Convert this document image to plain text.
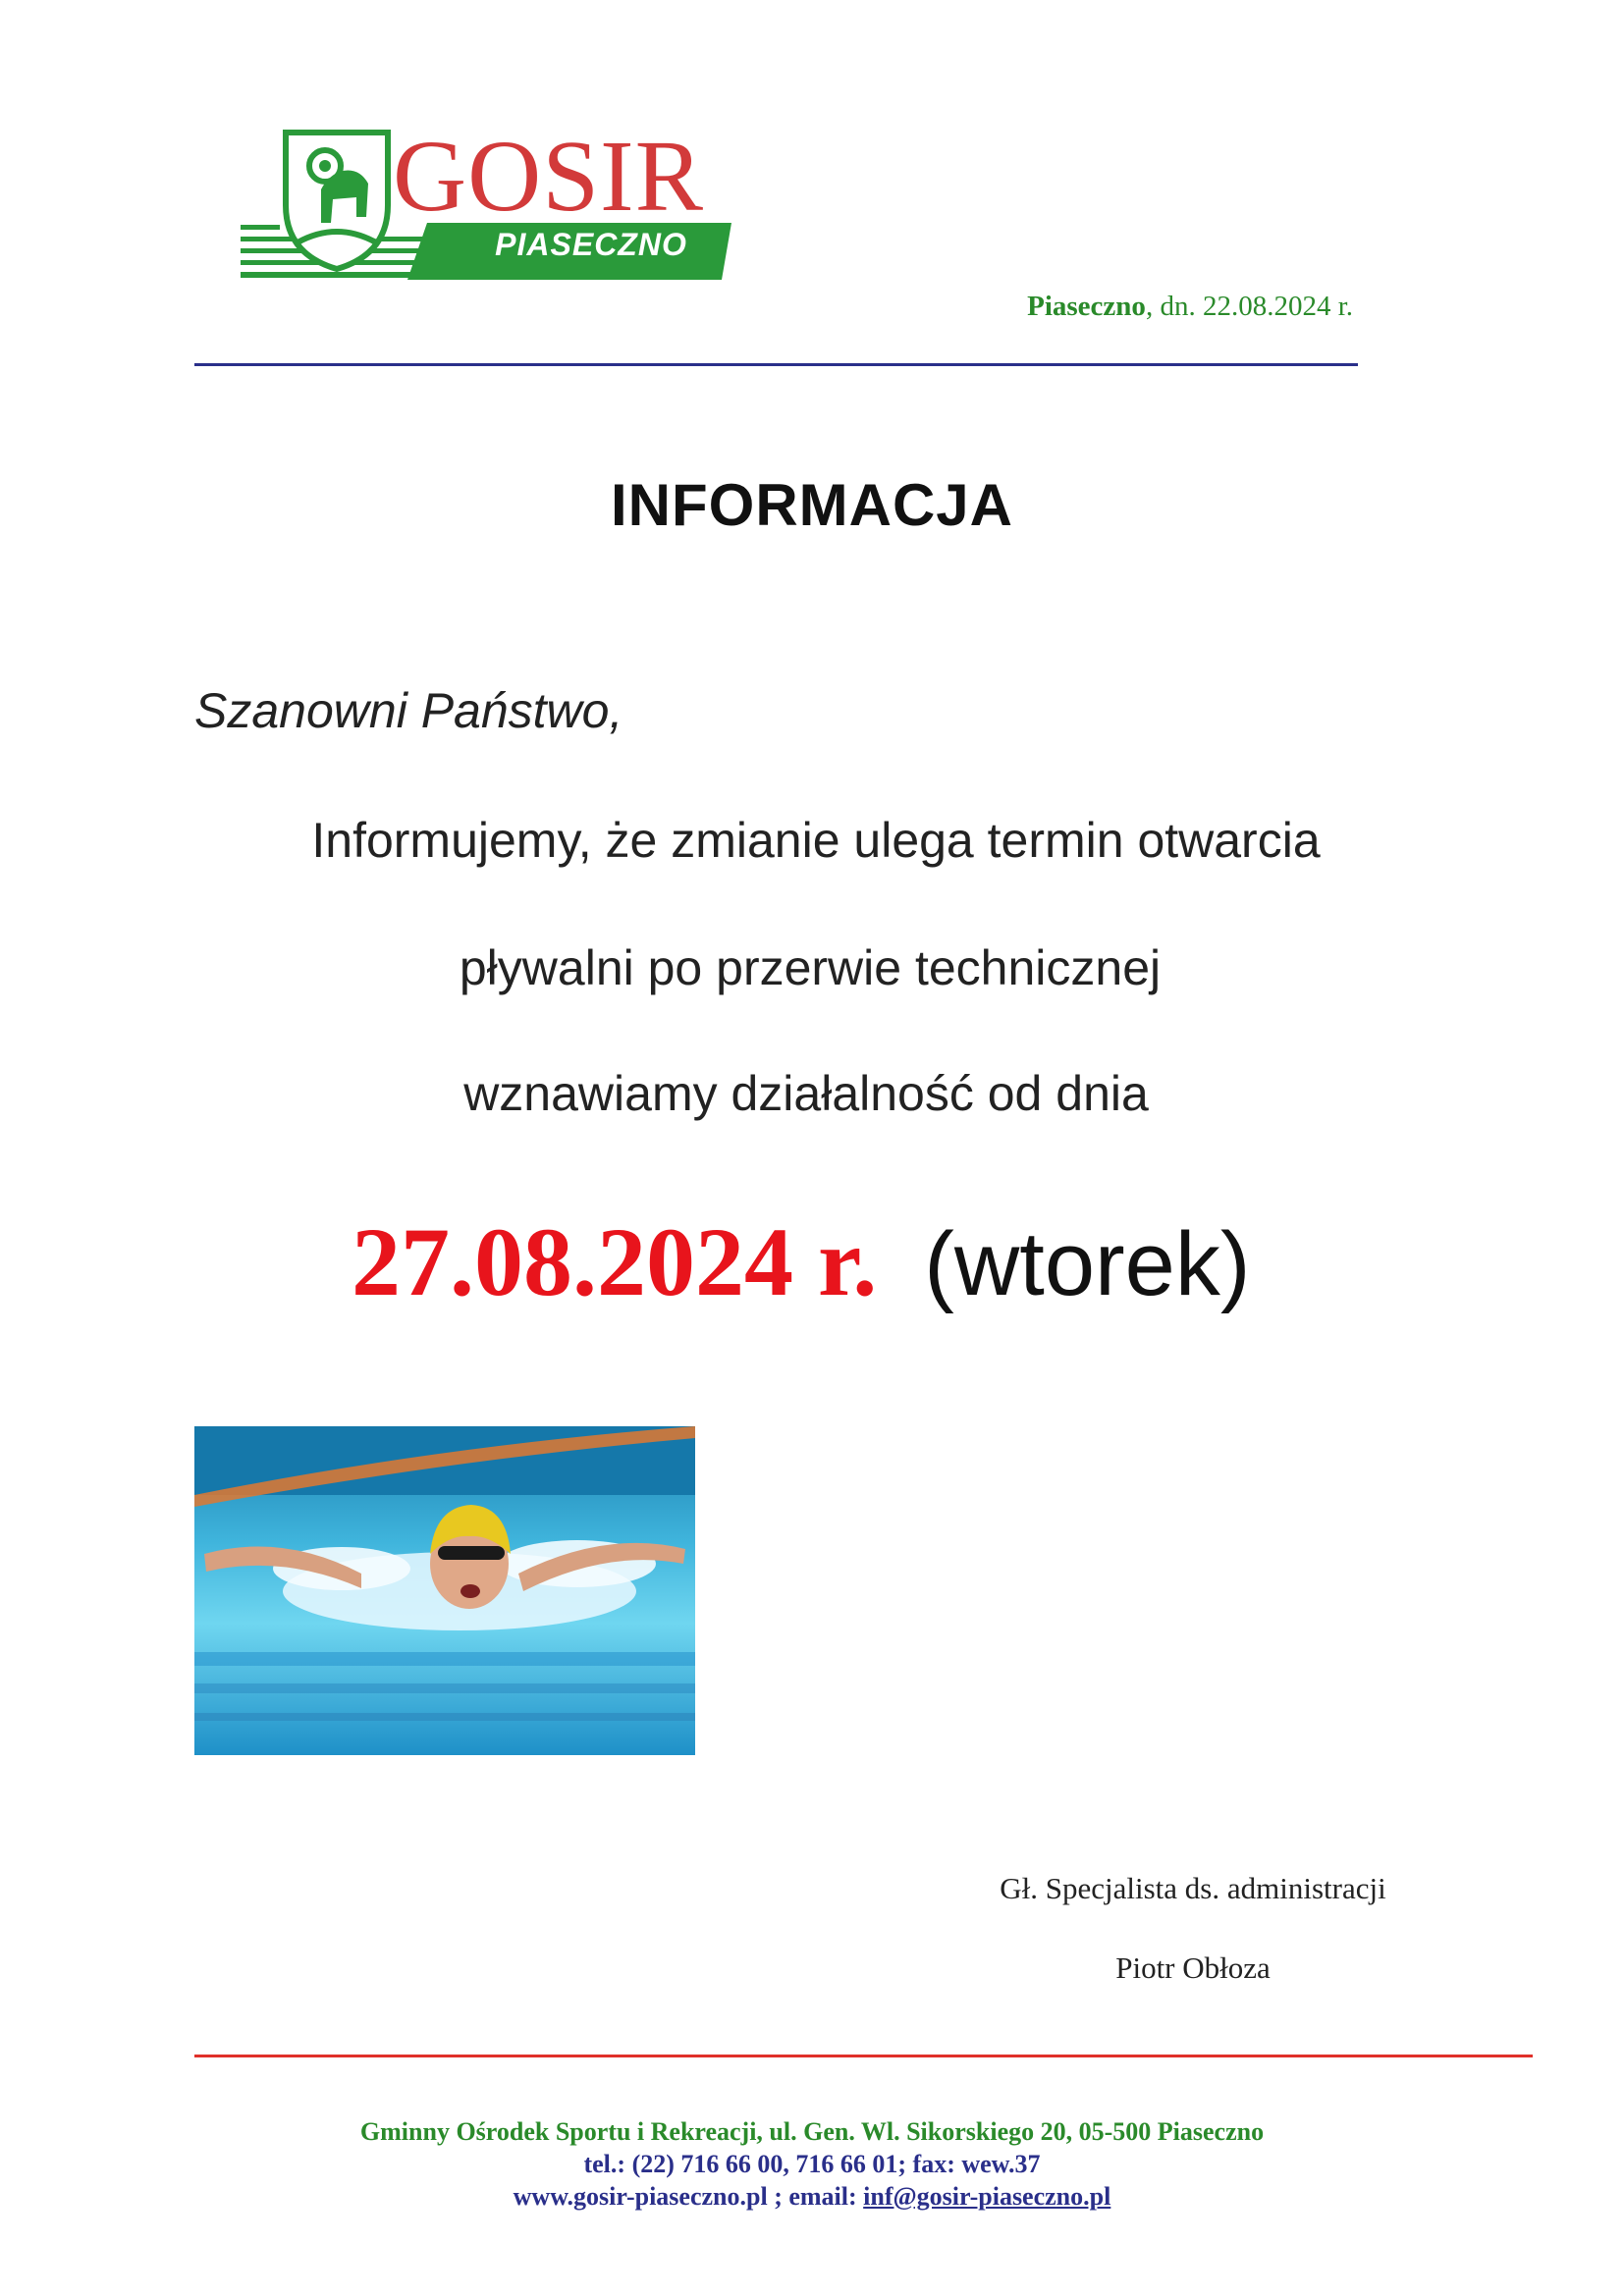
GOSIR
PIASECZNO
Piaseczno, dn. 22.08.2024 r.
INFORMACJA
Szanowni Państwo,
Informujemy, że zmianie ulega termin otwarcia
pływalni po przerwie technicznej
wznawiamy działalność od dnia
27.08.2024 r. (wtorek)
Gł. Specjalista ds. administracji
Piotr Obłoza
Gminny Ośrodek Sportu i Rekreacji, ul. Gen. Wl. Sikorskiego 20, 05-500 Piaseczno
tel.: (22) 716 66 00, 716 66 01; fax: wew.37
www.gosir-piaseczno.pl ; email: inf@gosir-piaseczno.pl
